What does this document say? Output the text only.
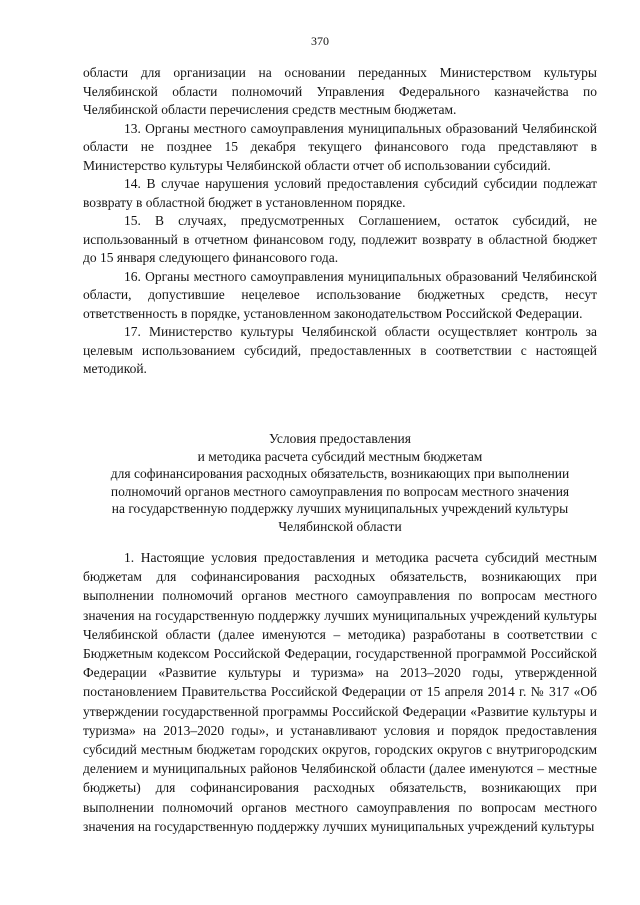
370

области для организации на основании переданных Министерством культуры Челябинской области полномочий Управления Федерального казначейства по Челябинской области перечисления средств местным бюджетам.

13. Органы местного самоуправления муниципальных образований Челябинской области не позднее 15 декабря текущего финансового года представляют в Министерство культуры Челябинской области отчет об использовании субсидий.

14. В случае нарушения условий предоставления субсидий субсидии подлежат возврату в областной бюджет в установленном порядке.

15. В случаях, предусмотренных Соглашением, остаток субсидий, не использованный в отчетном финансовом году, подлежит возврату в областной бюджет до 15 января следующего финансового года.

16. Органы местного самоуправления муниципальных образований Челябинской области, допустившие нецелевое использование бюджетных средств, несут ответственность в порядке, установленном законодательством Российской Федерации.

17. Министерство культуры Челябинской области осуществляет контроль за целевым использованием субсидий, предоставленных в соответствии с настоящей методикой.

Условия предоставления
и методика расчета субсидий местным бюджетам
для софинансирования расходных обязательств, возникающих при выполнении
полномочий органов местного самоуправления по вопросам местного значения
на государственную поддержку лучших муниципальных учреждений культуры
Челябинской области

1. Настоящие условия предоставления и методика расчета субсидий местным бюджетам для софинансирования расходных обязательств, возникающих при выполнении полномочий органов местного самоуправления по вопросам местного значения на государственную поддержку лучших муниципальных учреждений культуры Челябинской области (далее именуются – методика) разработаны в соответствии с Бюджетным кодексом Российской Федерации, государственной программой Российской Федерации «Развитие культуры и туризма» на 2013–2020 годы, утвержденной постановлением Правительства Российской Федерации от 15 апреля 2014 г. № 317 «Об утверждении государственной программы Российской Федерации «Развитие культуры и туризма» на 2013–2020 годы», и устанавливают условия и порядок предоставления субсидий местным бюджетам городских округов, городских округов с внутригородским делением и муниципальных районов Челябинской области (далее именуются – местные бюджеты) для софинансирования расходных обязательств, возникающих при выполнении полномочий органов местного самоуправления по вопросам местного значения на государственную поддержку лучших муниципальных учреждений культуры
